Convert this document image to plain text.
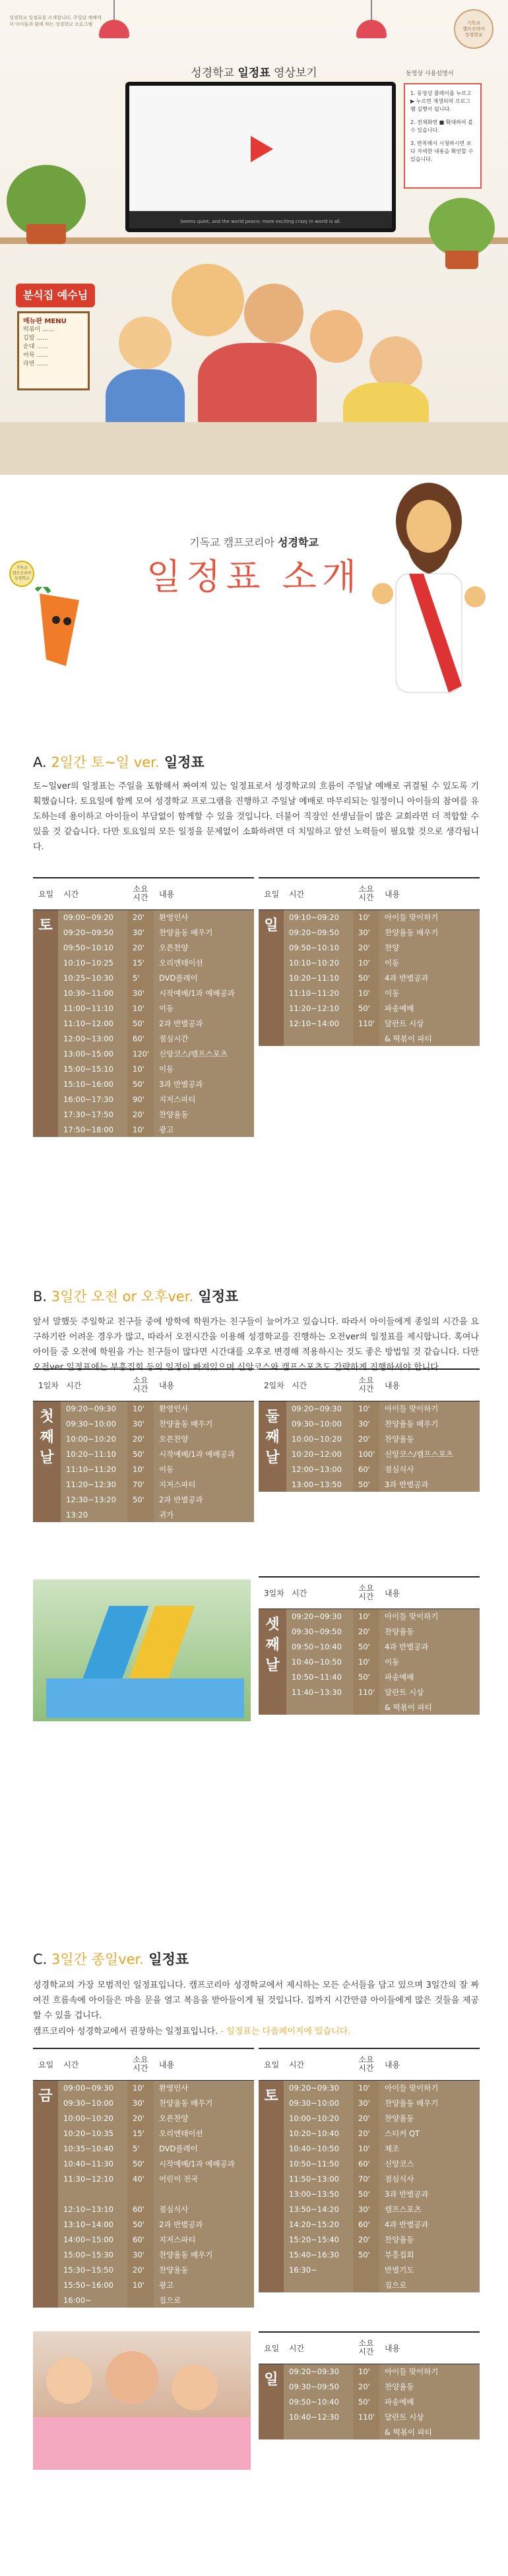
성경학교 일정표를 소개합니다. 주일날 예배에서 아이들과 함께 하는 성경학교 프로그램	기독교
캠프코리아
성경학교
성경학교 일정표 영상보기
Seems quiet, and the world peace; more exciting crazy in world is all.
동영상 사용설명서

1. 동영상 플레이를 누르고 ▶ 누르면 재생되며 프로그램 실행이 됩니다.

2. 전체화면 ■ 확대하여 볼 수 있습니다.

3. 반복해서 시청하시면 보다 자세한 내용을 확인할 수 있습니다.

분식집 예수님
메뉴판 MENU
떡볶이 ……
김밥 ……
순대 ……
어묵 ……
라면 ……
기독교
캠프코리아
성경학교
기독교 캠프코리아 성경학교
일정표 소개
A. 2일간 토~일 ver. 일정표
토~일ver의 일정표는 주일을 포함해서 짜여져 있는 일정표로서 성경학교의 흐름이 주일날 예배로 귀결될 수 있도록 기획했습니다. 토요일에 함께 모여 성경학교 프로그램을 진행하고 주일날 예배로 마무리되는 일정이니 아이들의 참여를 유도하는데 용이하고 아이들이 부담없이 함께할 수 있을 것입니다. 더불어 직장인 선생님들이 많은 교회라면 더 적합할 수 있을 것 같습니다. 다만 토요일의 모든 일정을 문제없이 소화하려면 더 치밀하고 앞선 노력들이 필요할 것으로 생각됩니다.
요일	시간	소요
시간	내용
토	09:00~09:20	20'	환영인사
	09:20~09:50	30'	찬양율동 배우기
	09:50~10:10	20'	오픈찬양
	10:10~10:25	15'	오리엔테이션
	10:25~10:30	5'	DVD플레이
	10:30~11:00	30'	시작예배/1과 예배공과
	11:00~11:10	10'	이동
	11:10~12:00	50'	2과 반별공과
	12:00~13:00	60'	점심시간
	13:00~15:00	120'	신앙코스/캠프스포츠
	15:00~15:10	10'	이동
	15:10~16:00	50'	3과 반별공과
	16:00~17:30	90'	지저스파티
	17:30~17:50	20'	찬양율동
	17:50~18:00	10'	광고
요일	시간	소요
시간	내용
일	09:10~09:20	10'	아이들 맞이하기
	09:20~09:50	30'	찬양율동 배우기
	09:50~10:10	20'	찬양
	10:10~10:20	10'	이동
	10:20~11:10	50'	4과 반별공과
	11:10~11:20	10'	이동
	11:20~12:10	50'	파송예배
	12:10~14:00	110'	달란트 시상
			& 떡볶이 파티
B. 3일간 오전 or 오후ver. 일정표
앞서 말했듯 주일학교 친구들 중에 방학에 학원가는 친구들이 늘어가고 있습니다. 따라서 아이들에게 종일의 시간을 요구하기란 어려운 경우가 많고, 따라서 오전시간을 이용해 성경학교를 진행하는 오전ver의 일정표를 제시합니다. 혹여나 아이들 중 오전에 학원을 가는 친구들이 많다면 시간대를 오후로 변경해 적용하시는 것도 좋은 방법일 것 같습니다. 다만 오전ver 일정표에는 부흥집회 등의 일정이 빠져있으며 신앙코스와 캠프스포츠도 간략하게 진행하셔야 합니다.
1일차	시간	소요
시간	내용
첫
째
날	09:20~09:30	10'	환영인사
	09:30~10:00	30'	찬양율동 배우기
	10:00~10:20	20'	오픈찬양
	10:20~11:10	50'	시작예배/1과 예배공과
	11:10~11:20	10'	이동
	11:20~12:30	70'	지저스파티
	12:30~13:20	50'	2과 반별공과
	13:20		귀가
2일차	시간	소요
시간	내용
둘
째
날	09:20~09:30	10'	아이들 맞이하기
	09:30~10:00	30'	찬양율동 배우기
	10:00~10:20	20'	찬양율동
	10:20~12:00	100'	신앙코스/캠프스포츠
	12:00~13:00	60'	점심식사
	13:00~13:50	50'	3과 반별공과
3일차	시간	소요
시간	내용
셋
째
날	09:20~09:30	10'	아이들 맞이하기
	09:30~09:50	20'	찬양율동
	09:50~10:40	50'	4과 반별공과
	10:40~10:50	10'	이동
	10:50~11:40	50'	파송예배
	11:40~13:30	110'	달란트 시상
			& 떡볶이 파티
C. 3일간 종일ver. 일정표
성경학교의 가장 모범적인 일정표입니다. 캠프코리아 성경학교에서 제시하는 모든 순서들을 담고 있으며 3일간의 잘 짜여진 흐름속에 아이들은 마음 문을 열고 복음을 받아들이게 될 것입니다. 집까지 시간만큼 아이들에게 많은 것들을 제공할 수 있을 겁니다.
캠프코리아 성경학교에서 권장하는 일정표입니다. - 일정표는 다음페이지에 있습니다.
요일	시간	소요
시간	내용
금	09:00~09:30	10'	환영인사
	09:30~10:00	30'	찬양율동 배우기
	10:00~10:20	20'	오픈찬양
	10:20~10:35	15'	오리엔테이션
	10:35~10:40	5'	DVD플레이
	10:40~11:30	50'	시작예배/1과 예배공과
	11:30~12:10	40'	어린이 전국

	12:10~13:10	60'	점심식사
	13:10~14:00	50'	2과 반별공과
	14:00~15:00	60'	지저스파티
	15:00~15:30	30'	찬양율동 배우기
	15:30~15:50	20'	찬양율동
	15:50~16:00	10'	광고
	16:00~		집으로
요일	시간	소요
시간	내용
토	09:20~09:30	10'	아이들 맞이하기
	09:30~10:00	30'	찬양율동 배우기
	10:00~10:20	20'	찬양율동
	10:20~10:40	20'	스티커 QT
	10:40~10:50	10'	체조
	10:50~11:50	60'	신앙코스
	11:50~13:00	70'	점심식사
	13:00~13:50	50'	3과 반별공과
	13:50~14:20	30'	캠프스포츠
	14:20~15:20	60'	4과 반별공과
	15:20~15:40	20'	찬양율동
	15:40~16:30	50'	부흥집회
	16:30~		반별기도
			집으로
요일	시간	소요
시간	내용
일	09:20~09:30	10'	아이들 맞이하기
	09:30~09:50	20'	찬양율동
	09:50~10:40	50'	파송예배
	10:40~12:30	110'	달란트 시상
			& 떡볶이 파티
